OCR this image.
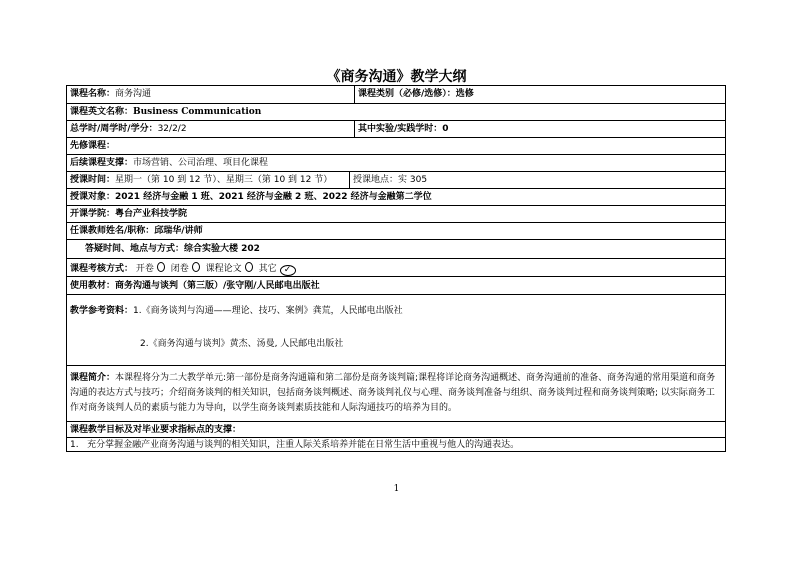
《商务沟通》教学大纲
课程名称：商务沟通	课程类别（必修/选修）：选修
课程英文名称：Business Communication
总学时/周学时/学分：32/2/2	其中实验/实践学时：0
先修课程：
后续课程支撑：市场营销、公司治理、项目化课程
授课时间：星期一（第 10 到 12 节）、星期三（第 10 到 12 节）	授课地点：实 305
授课对象：2021 经济与金融 1 班、2021 经济与金融 2 班、2022 经济与金融第二学位
开课学院：粤台产业科技学院
任课教师姓名/职称：邱瑞华/讲师
答疑时间、地点与方式：综合实验大楼 202
课程考核方式： 开卷 闭卷 课程论文 其它 ✓
使用教材：商务沟通与谈判（第三版）/张守刚/人民邮电出版社
教学参考资料：1.《商务谈判与沟通——理论、技巧、案例》龚荒，人民邮电出版社
2.《商务沟通与谈判》黄杰、汤曼, 人民邮电出版社
课程简介：本课程将分为二大教学单元:第一部份是商务沟通篇和第二部份是商务谈判篇;课程将详论商务沟通概述、商务沟通前的准备、商务沟通的常用渠道和商务沟通的表达方式与技巧；介绍商务谈判的相关知识，包括商务谈判概述、商务谈判礼仪与心理、商务谈判准备与组织、商务谈判过程和商务谈判策略; 以实际商务工作对商务谈判人员的素质与能力为导向，以学生商务谈判素质技能和人际沟通技巧的培养为目的。
课程教学目标及对毕业要求指标点的支撑：
1.   充分掌握金融产业商务沟通与谈判的相关知识，注重人际关系培养并能在日常生活中重视与他人的沟通表达。
1
